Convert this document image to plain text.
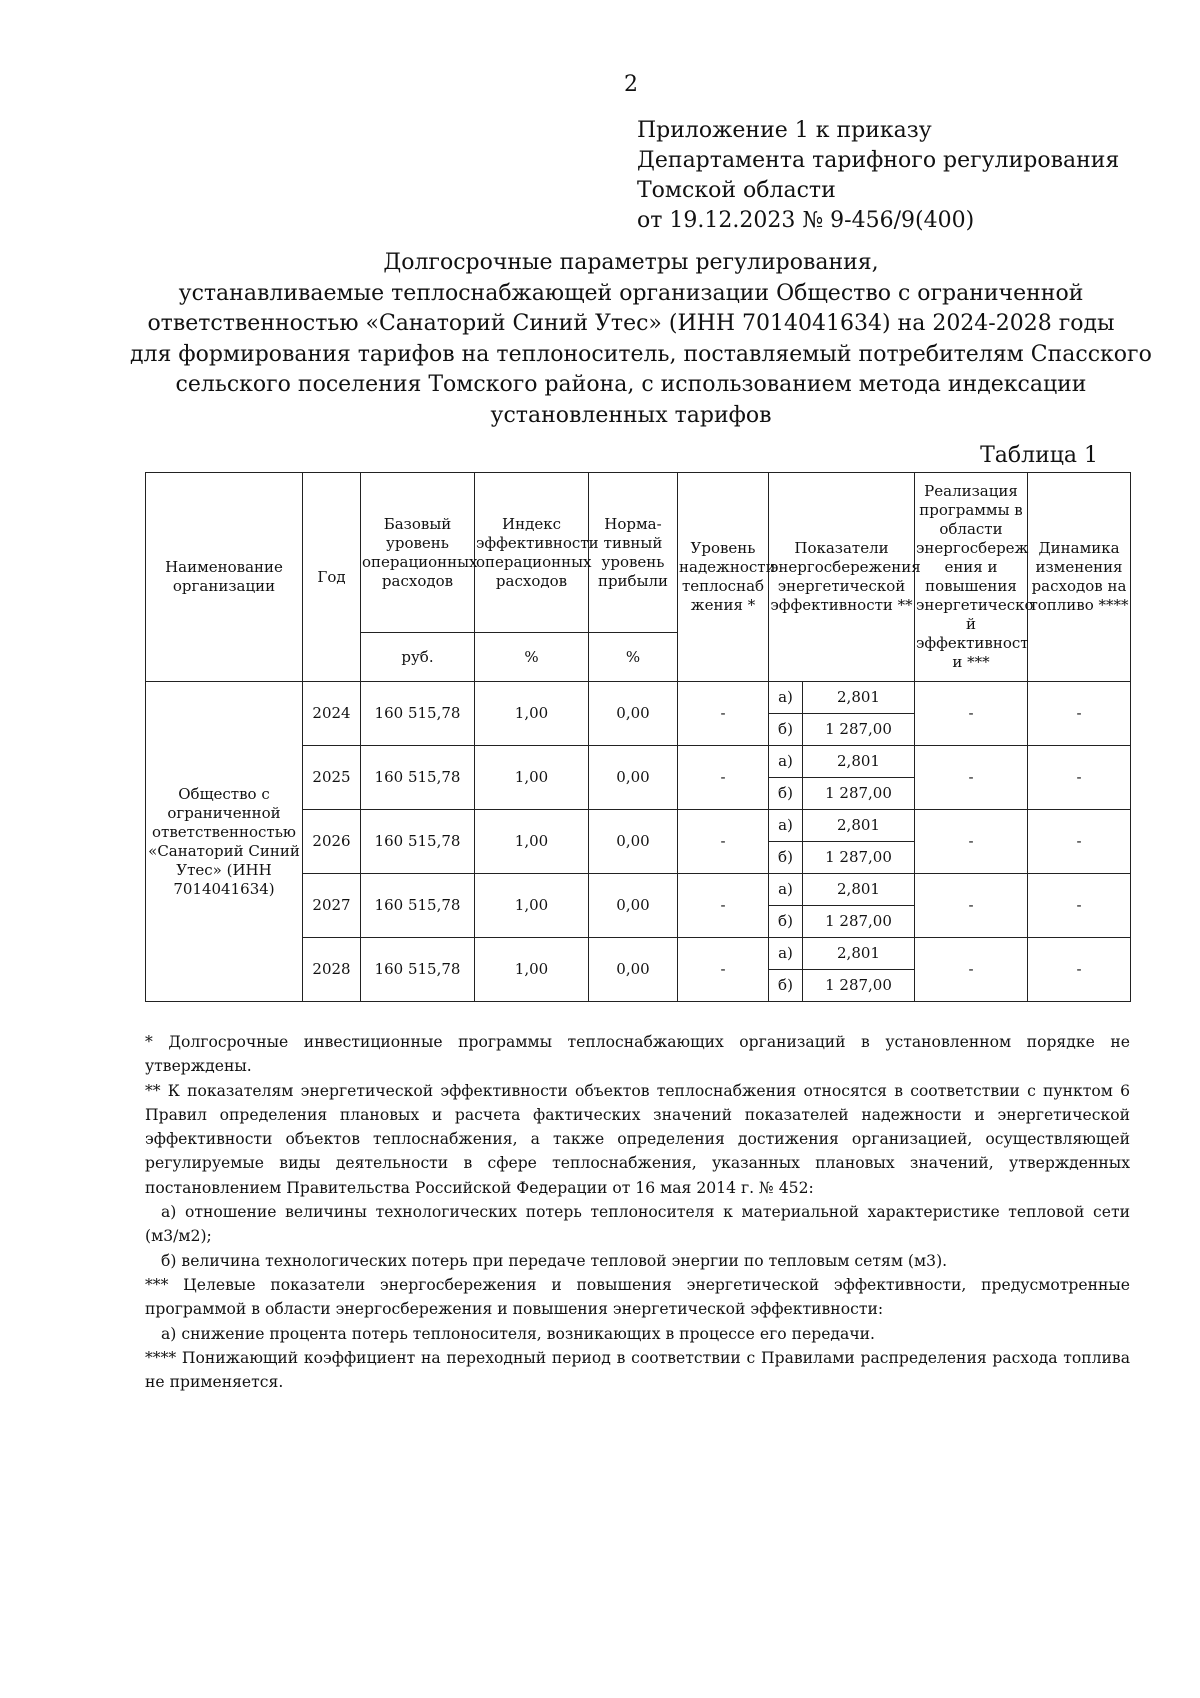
2
Приложение 1 к приказу
Департамента тарифного регулирования
Томской области
от 19.12.2023 № 9-456/9(400)
Долгосрочные параметры регулирования,
устанавливаемые теплоснабжающей организации Общество с ограниченной
ответственностью «Санаторий Синий Утес» (ИНН 7014041634) на 2024-2028 годы
для формирования тарифов на теплоноситель, поставляемый потребителям Спасского
сельского поселения Томского района, с использованием метода индексации
установленных тарифов
Таблица 1
Наименование организации	Год	Базовый уровень операционных расходов	Индекс эффективности операционных расходов	Норма-тивный уровень прибыли	Уровень надежности теплоснаб жения *	Показатели энергосбережения энергетической эффективности **		Реализация программы в области энергосбереж ения и повышения энергетическо й эффективност и ***	Динамика изменения расходов на топливо ****
		руб.	%	%					
Общество с ограниченной ответственностью «Санаторий Синий Утес» (ИНН 7014041634)	2024	160 515,78	1,00	0,00	-	а)	2,801	-	-
						б)	1 287,00		
	2025	160 515,78	1,00	0,00	-	а)	2,801	-	-
						б)	1 287,00		
	2026	160 515,78	1,00	0,00	-	а)	2,801	-	-
						б)	1 287,00		
	2027	160 515,78	1,00	0,00	-	а)	2,801	-	-
						б)	1 287,00		
	2028	160 515,78	1,00	0,00	-	а)	2,801	-	-
						б)	1 287,00		

* Долгосрочные инвестиционные программы теплоснабжающих организаций в установленном порядке не утверждены.

** К показателям энергетической эффективности объектов теплоснабжения относятся в соответствии с пунктом 6 Правил определения плановых и расчета фактических значений показателей надежности и энергетической эффективности объектов теплоснабжения, а также определения достижения организацией, осуществляющей регулируемые виды деятельности в сфере теплоснабжения, указанных плановых значений, утвержденных постановлением Правительства Российской Федерации от 16 мая 2014 г. № 452:

а) отношение величины технологических потерь теплоносителя к материальной характеристике тепловой сети (м3/м2);

б) величина технологических потерь при передаче тепловой энергии по тепловым сетям (м3).

*** Целевые показатели энергосбережения и повышения энергетической эффективности, предусмотренные программой в области энергосбережения и повышения энергетической эффективности:

а) снижение процента потерь теплоносителя, возникающих в процессе его передачи.

**** Понижающий коэффициент на переходный период в соответствии с Правилами распределения расхода топлива не применяется.
